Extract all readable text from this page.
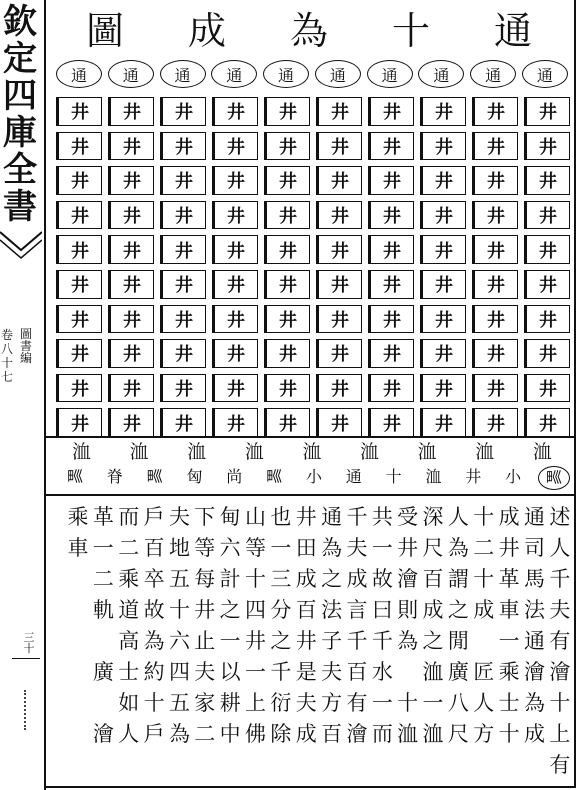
欽
定
四
庫
全
書
圖
書
編
卷
八
十
七
三
十
圖 成 為 十 通
通	通	通	通	通	通	通	通	通	通
井	井	井	井	井	井	井	井	井	井
井	井	井	井	井	井	井	井	井	井
井	井	井	井	井	井	井	井	井	井
井	井	井	井	井	井	井	井	井	井
井	井	井	井	井	井	井	井	井	井
井	井	井	井	井	井	井	井	井	井
井	井	井	井	井	井	井	井	井	井
井	井	井	井	井	井	井	井	井	井
井	井	井	井	井	井	井	井	井	井
井	井	井	井	井	井	井	井	井	井
洫 洫 洫 洫 洫 洫 洫 洫 洫
𤰝	脊	𤰝	匈	尚	𤰝	小	通	十	洫	井	小	𤰝
述
人
千
夫
有
澮
十
上
有
通
司
馬
法
通
澮
為
成
成
井
革
車
一
乘
士
十
十
二
十
成
匠
人
方
人
為
謂
之
閒
廣
八
尺
深
尺
百
成
之
洫
一
洫
受
井
澮
則
為
十
洫
共
一
故
曰
千
水
一
而
千
夫
成
言
千
百
有
澮
通
為
之
法
子
夫
方
百
井
田
成
百
井
是
夫
成
也
一
三
分
之
千
衍
除
山
等
十
四
井
一
上
佛
甸
六
計
之
一
以
耕
中
下
等
每
井
止
夫
家
二
夫
地
五
十
六
四
五
為
戶
百
卒
故
為
約
十
戶
而
二
乘
道
高
士
如
人
革
一
二
軌
廣
澮
乘
車
